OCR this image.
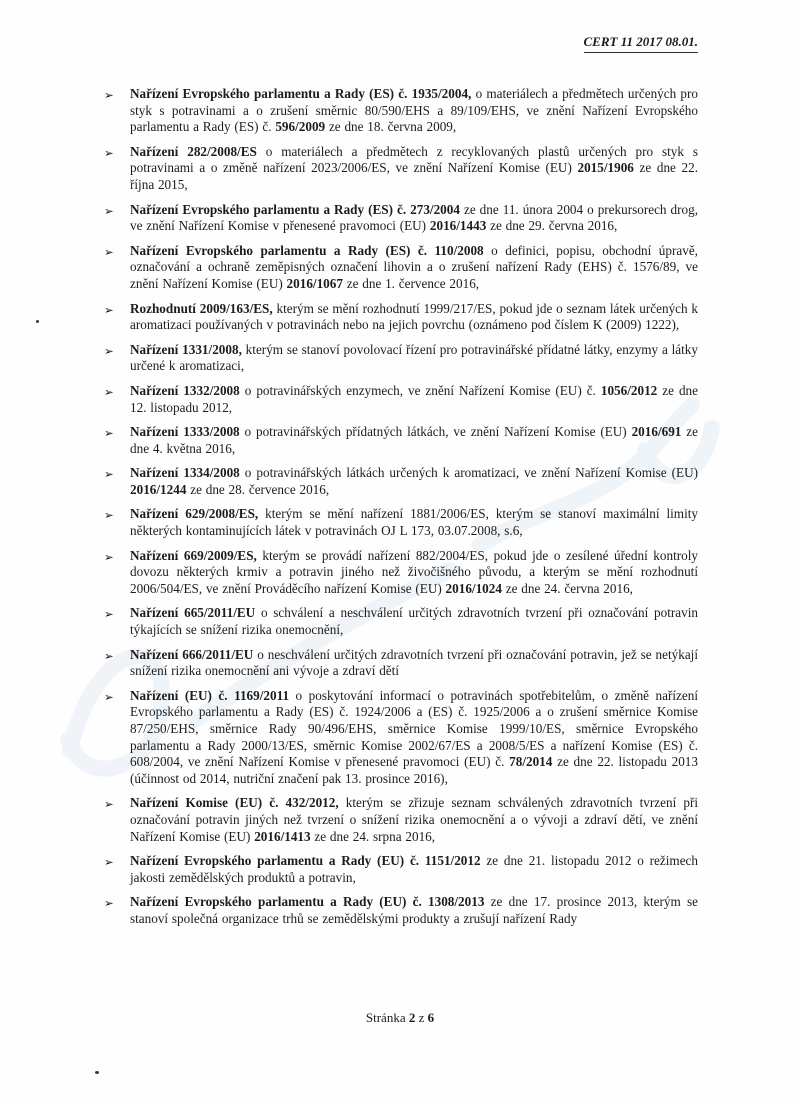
CERT 11 2017 08.01.
➢	Nařízení Evropského parlamentu a Rady (ES) č. 1935/2004, o materiálech a předmětech určených pro styk s potravinami a o zrušení směrnic 80/590/EHS a 89/109/EHS, ve znění Nařízení Evropského parlamentu a Rady (ES) č. 596/2009 ze dne 18. června 2009,

➢	Nařízení 282/2008/ES o materiálech a předmětech z recyklovaných plastů určených pro styk s potravinami a o změně nařízení 2023/2006/ES, ve znění Nařízení Komise (EU) 2015/1906 ze dne 22. října 2015,

➢	Nařízení Evropského parlamentu a Rady (ES) č. 273/2004 ze dne 11. února 2004 o prekursorech drog, ve znění Nařízení Komise v přenesené pravomoci (EU) 2016/1443 ze dne 29. června 2016,

➢	Nařízení Evropského parlamentu a Rady (ES) č. 110/2008 o definici, popisu, obchodní úpravě, označování a ochraně zeměpisných označení lihovin a o zrušení nařízení Rady (EHS) č. 1576/89, ve znění Nařízení Komise (EU) 2016/1067 ze dne 1. července 2016,

➢	Rozhodnutí 2009/163/ES, kterým se mění rozhodnutí 1999/217/ES, pokud jde o seznam látek určených k aromatizaci používaných v potravinách nebo na jejich povrchu (oznámeno pod číslem K (2009) 1222),

➢	Nařízení 1331/2008, kterým se stanoví povolovací řízení pro potravinářské přídatné látky, enzymy a látky určené k aromatizaci,

➢	Nařízení 1332/2008 o potravinářských enzymech, ve znění Nařízení Komise (EU) č. 1056/2012 ze dne 12. listopadu 2012,

➢	Nařízení 1333/2008 o potravinářských přídatných látkách, ve znění Nařízení Komise (EU) 2016/691 ze dne 4. května 2016,

➢	Nařízení 1334/2008 o potravinářských látkách určených k aromatizaci, ve znění Nařízení Komise (EU) 2016/1244 ze dne 28. července 2016,

➢	Nařízení 629/2008/ES, kterým se mění nařízení 1881/2006/ES, kterým se stanoví maximální limity některých kontaminujících látek v potravinách OJ L 173, 03.07.2008, s.6,

➢	Nařízení 669/2009/ES, kterým se provádí nařízení 882/2004/ES, pokud jde o zesílené úřední kontroly dovozu některých krmiv a potravin jiného než živočišného původu, a kterým se mění rozhodnutí 2006/504/ES, ve znění Prováděcího nařízení Komise (EU) 2016/1024 ze dne 24. června 2016,

➢	Nařízení 665/2011/EU o schválení a neschválení určitých zdravotních tvrzení při označování potravin týkajících se snížení rizika onemocnění,

➢	Nařízení 666/2011/EU o neschválení určitých zdravotních tvrzení při označování potravin, jež se netýkají snížení rizika onemocnění ani vývoje a zdraví dětí

➢	Nařízení (EU) č. 1169/2011 o poskytování informací o potravinách spotřebitelům, o změně nařízení Evropského parlamentu a Rady (ES) č. 1924/2006 a (ES) č. 1925/2006 a o zrušení směrnice Komise 87/250/EHS, směrnice Rady 90/496/EHS, směrnice Komise 1999/10/ES, směrnice Evropského parlamentu a Rady 2000/13/ES, směrnic Komise 2002/67/ES a 2008/5/ES a nařízení Komise (ES) č. 608/2004, ve znění Nařízení Komise v přenesené pravomoci (EU) č. 78/2014 ze dne 22. listopadu 2013 (účinnost od 2014, nutriční značení pak 13. prosince 2016),

➢	Nařízení Komise (EU) č. 432/2012, kterým se zřizuje seznam schválených zdravotních tvrzení při označování potravin jiných než tvrzení o snížení rizika onemocnění a o vývoji a zdraví dětí, ve znění Nařízení Komise (EU) 2016/1413 ze dne 24. srpna 2016,

➢	Nařízení Evropského parlamentu a Rady (EU) č. 1151/2012 ze dne 21. listopadu 2012 o režimech jakosti zemědělských produktů a potravin,

➢	Nařízení Evropského parlamentu a Rady (EU) č. 1308/2013 ze dne 17. prosince 2013, kterým se stanoví společná organizace trhů se zemědělskými produkty a zrušují nařízení Rady

Stránka 2 z 6
